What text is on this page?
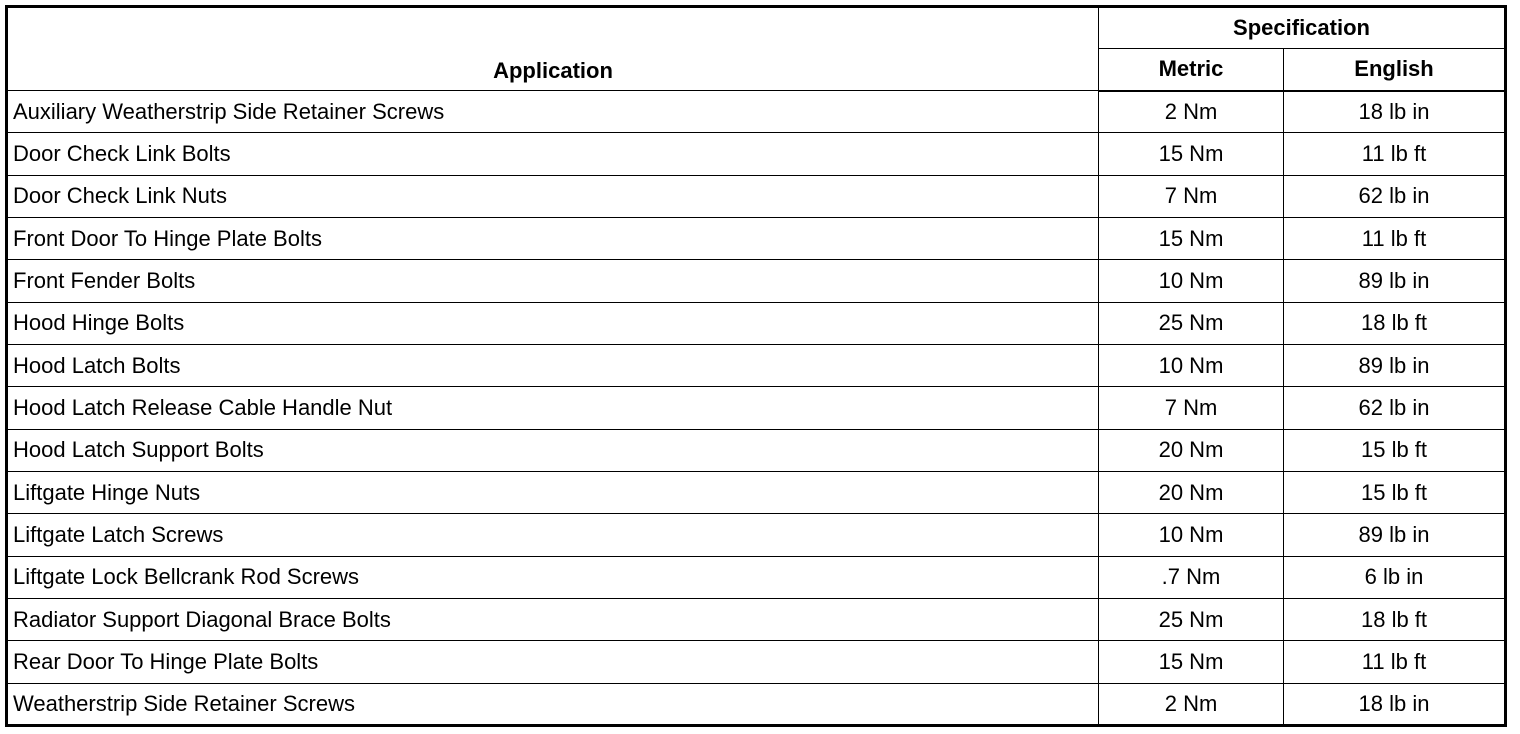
Application	Specification	
	Metric	English
Auxiliary Weatherstrip Side Retainer Screws	2 Nm	18 lb in
Door Check Link Bolts	15 Nm	11 lb ft
Door Check Link Nuts	7 Nm	62 lb in
Front Door To Hinge Plate Bolts	15 Nm	11 lb ft
Front Fender Bolts	10 Nm	89 lb in
Hood Hinge Bolts	25 Nm	18 lb ft
Hood Latch Bolts	10 Nm	89 lb in
Hood Latch Release Cable Handle Nut	7 Nm	62 lb in
Hood Latch Support Bolts	20 Nm	15 lb ft
Liftgate Hinge Nuts	20 Nm	15 lb ft
Liftgate Latch Screws	10 Nm	89 lb in
Liftgate Lock Bellcrank Rod Screws	.7 Nm	6 lb in
Radiator Support Diagonal Brace Bolts	25 Nm	18 lb ft
Rear Door To Hinge Plate Bolts	15 Nm	11 lb ft
Weatherstrip Side Retainer Screws	2 Nm	18 lb in
